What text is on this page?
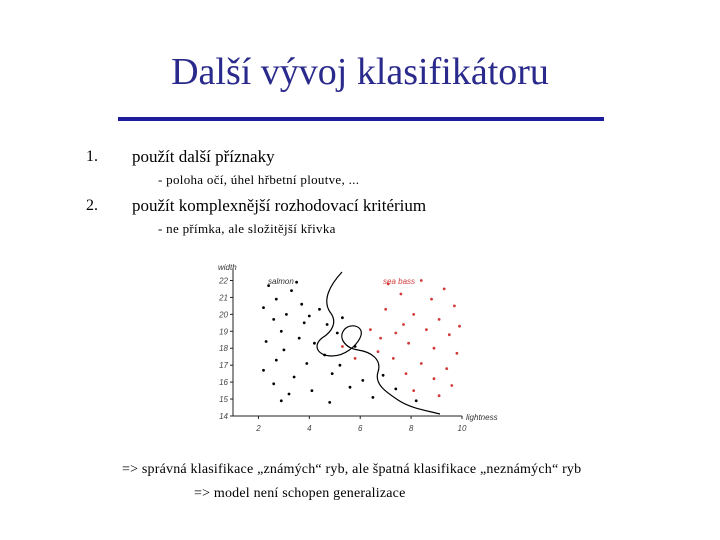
Další vývoj klasifikátoru
1. použít další příznaky
- poloha očí, úhel hřbetní ploutve, ...
2. použít komplexnější rozhodovací kritérium
- ne přímka, ale složitější křivka
2	4	6	8	10
14
15
16
17
18
19
20
21
22
width
lightness
salmon	sea bass
=> správná klasifikace „známých“ ryb, ale špatná klasifikace „neznámých“ ryb
=> model není schopen generalizace
